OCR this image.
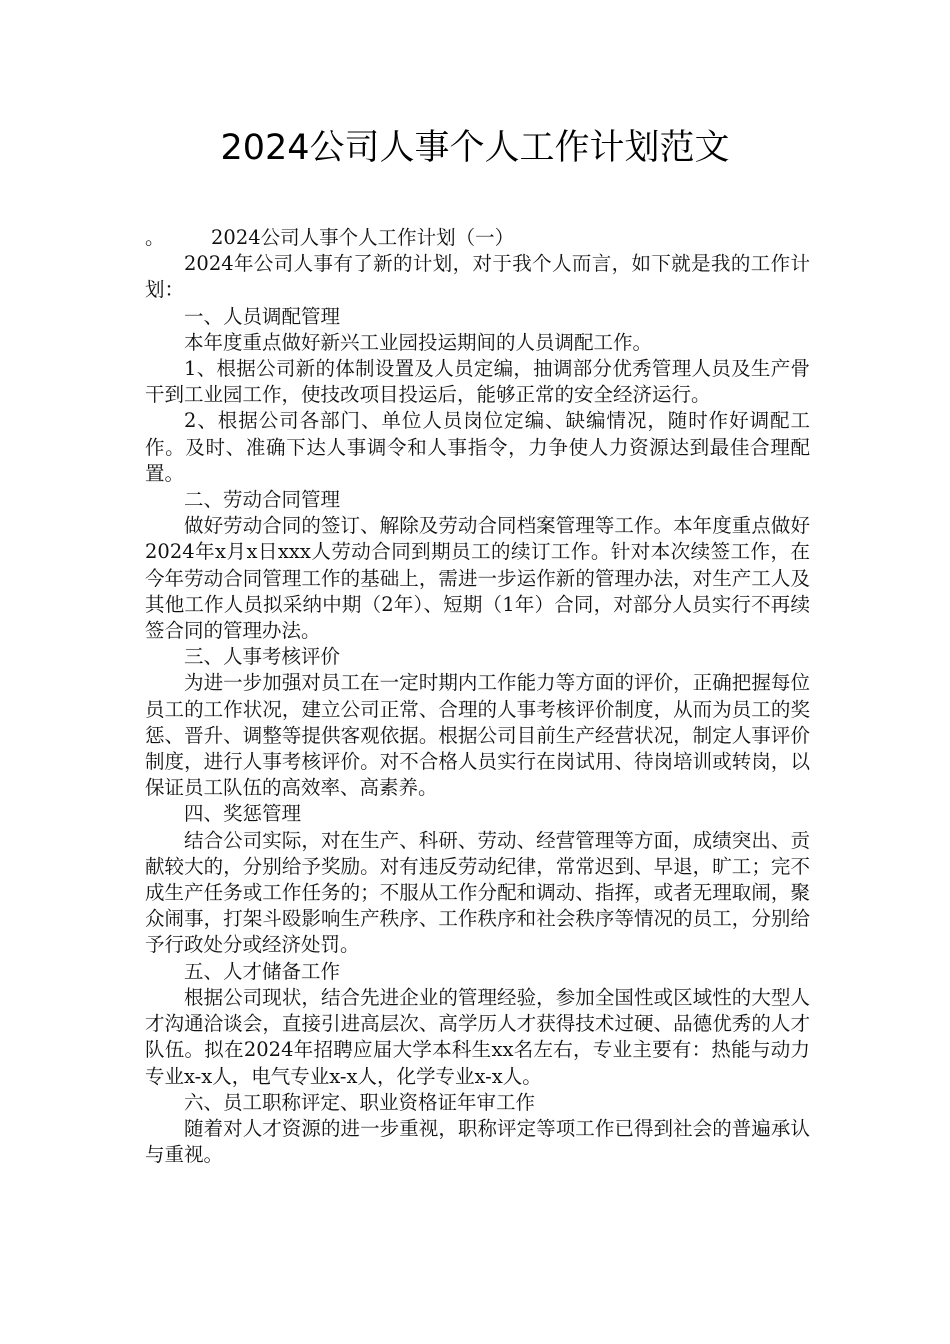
2024公司人事个人工作计划范文

。 2024公司人事个人工作计划（一）

2024年公司人事有了新的计划，对于我个人而言，如下就是我的工作计划：

一、人员调配管理

本年度重点做好新兴工业园投运期间的人员调配工作。

1、根据公司新的体制设置及人员定编，抽调部分优秀管理人员及生产骨干到工业园工作，使技改项目投运后，能够正常的安全经济运行。

2、根据公司各部门、单位人员岗位定编、缺编情况，随时作好调配工作。及时、准确下达人事调令和人事指令，力争使人力资源达到最佳合理配置。

二、劳动合同管理

做好劳动合同的签订、解除及劳动合同档案管理等工作。本年度重点做好2024年x月x日xxx人劳动合同到期员工的续订工作。针对本次续签工作，在今年劳动合同管理工作的基础上，需进一步运作新的管理办法，对生产工人及其他工作人员拟采纳中期（2年）、短期（1年）合同，对部分人员实行不再续签合同的管理办法。

三、人事考核评价

为进一步加强对员工在一定时期内工作能力等方面的评价，正确把握每位员工的工作状况，建立公司正常、合理的人事考核评价制度，从而为员工的奖惩、晋升、调整等提供客观依据。根据公司目前生产经营状况，制定人事评价制度，进行人事考核评价。对不合格人员实行在岗试用、待岗培训或转岗，以保证员工队伍的高效率、高素养。

四、奖惩管理

结合公司实际，对在生产、科研、劳动、经营管理等方面，成绩突出、贡献较大的，分别给予奖励。对有违反劳动纪律，常常迟到、早退，旷工；完不成生产任务或工作任务的；不服从工作分配和调动、指挥，或者无理取闹，聚众闹事，打架斗殴影响生产秩序、工作秩序和社会秩序等情况的员工，分别给予行政处分或经济处罚。

五、人才储备工作

根据公司现状，结合先进企业的管理经验，参加全国性或区域性的大型人才沟通洽谈会，直接引进高层次、高学历人才获得技术过硬、品德优秀的人才队伍。拟在2024年招聘应届大学本科生xx名左右，专业主要有：热能与动力专业x-x人，电气专业x-x人，化学专业x-x人。

六、员工职称评定、职业资格证年审工作

随着对人才资源的进一步重视，职称评定等项工作已得到社会的普遍承认与重视。
